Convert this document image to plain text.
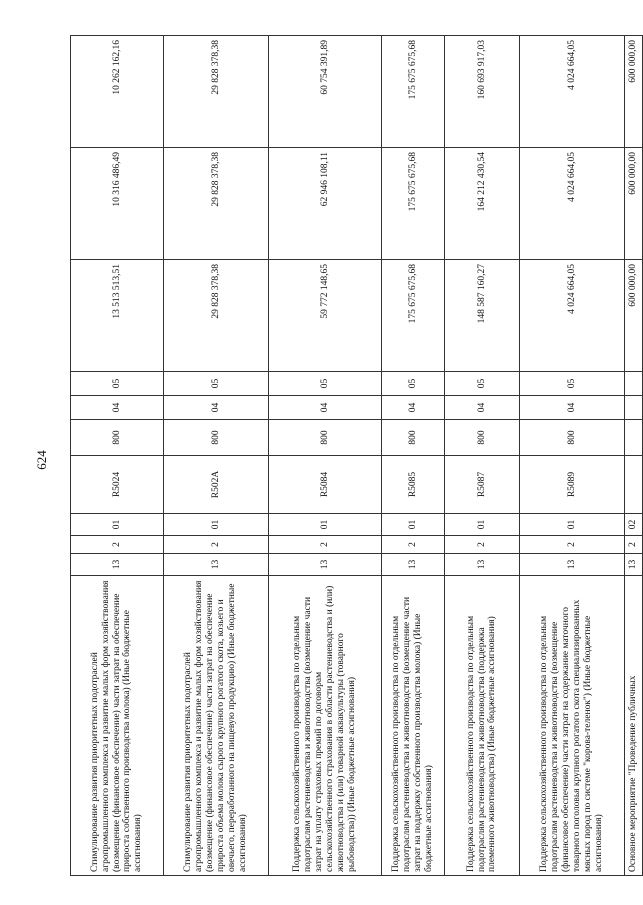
624
Стимулирование развития приоритетных подотраслей агропромышленного комплекса и развитие малых форм хозяйствования (возмещение (финансовое обеспечение) части затрат на обеспечение прироста собственного производства молока) (Иные бюджетные ассигнования)	13	2	01	R5024	800	04	05	13 513 513,51	10 316 486,49	10 262 162,16
Стимулирование развития приоритетных подотраслей агропромышленного комплекса и развитие малых форм хозяйствования (возмещение (финансовое обеспечение) части затрат на обеспечение прироста объема молока сырого крупного рогатого скота, козьего и овечьего, переработанного на пищевую продукцию) (Иные бюджетные ассигнования)	13	2	01	R502A	800	04	05	29 828 378,38	29 828 378,38	29 828 378,38
Поддержка сельскохозяйственного производства по отдельным подотраслям растениеводства и животноводства (возмещение части затрат на уплату страховых премий по договорам сельскохозяйственного страхования в области растениеводства и (или) животноводства и (или) товарной аквакультуры (товарного рыбоводства)) (Иные бюджетные ассигнования)	13	2	01	R5084	800	04	05	59 772 148,65	62 946 108,11	60 754 391,89
Поддержка сельскохозяйственного производства по отдельным подотраслям растениеводства и животноводства (возмещение части затрат на поддержку собственного производства молока) (Иные бюджетные ассигнования)	13	2	01	R5085	800	04	05	175 675 675,68	175 675 675,68	175 675 675,68
Поддержка сельскохозяйственного производства по отдельным подотраслям растениеводства и животноводства (поддержка племенного животноводства) (Иные бюджетные ассигнования)	13	2	01	R5087	800	04	05	148 587 160,27	164 212 430,54	160 693 917,03
Поддержка сельскохозяйственного производства по отдельным подотраслям растениеводства и животноводства (возмещение (финансовое обеспечение) части затрат на содержание маточного товарного поголовья крупного рогатого скота специализированных мясных пород по системе "корова-теленок") (Иные бюджетные ассигнования)	13	2	01	R5089	800	04	05	4 024 664,05	4 024 664,05	4 024 664,05
Основное мероприятие "Проведение публичных	13	2	02					600 000,00	600 000,00	600 000,00
